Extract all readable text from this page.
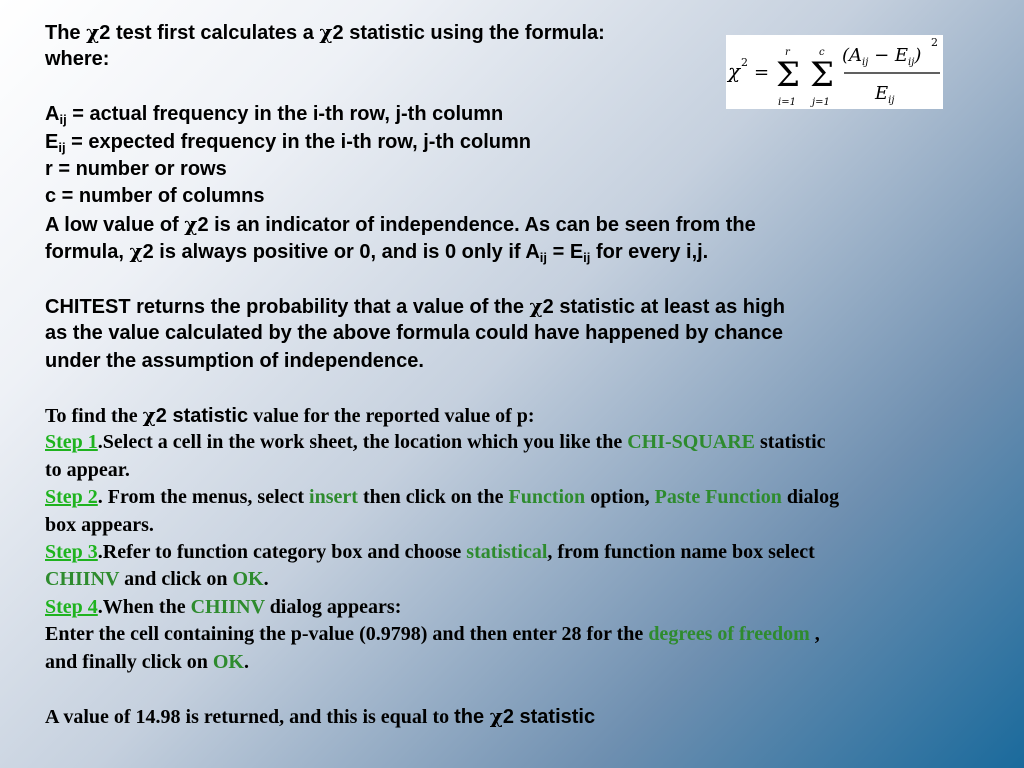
χ 2 =
r
Σ
i=1
c
Σ
j=1
$(A_{ij} - E_{ij})$
2
$E_{ij}$
The χ2 test first calculates a χ2 statistic using the formula:
where:
$A_{ij}$ = actual frequency in the i-th row, j-th column
$E_{ij}$ = expected frequency in the i-th row, j-th column
r = number or rows
c = number of columns
A low value of χ2 is an indicator of independence. As can be seen from the
formula, χ2 is always positive or 0, and is 0 only if $A_{ij} = E_{ij}$ for every i,j.
CHITEST returns the probability that a value of the χ2 statistic at least as high
as the value calculated by the above formula could have happened by chance
under the assumption of independence.
To find the χ2 statistic value for the reported value of p:
Step 1.Select a cell in the work sheet, the location which you like the CHI-SQUARE statistic
to appear.
Step 2. From the menus, select insert then click on the Function option, Paste Function dialog
box appears.
Step 3.Refer to function category box and choose statistical, from function name box select
CHIINV and click on OK.
Step 4.When the CHIINV dialog appears:
Enter the cell containing the p-value (0.9798) and then enter 28 for the degrees of freedom ,
and finally click on OK.
A value of 14.98 is returned, and this is equal to the χ2 statistic
